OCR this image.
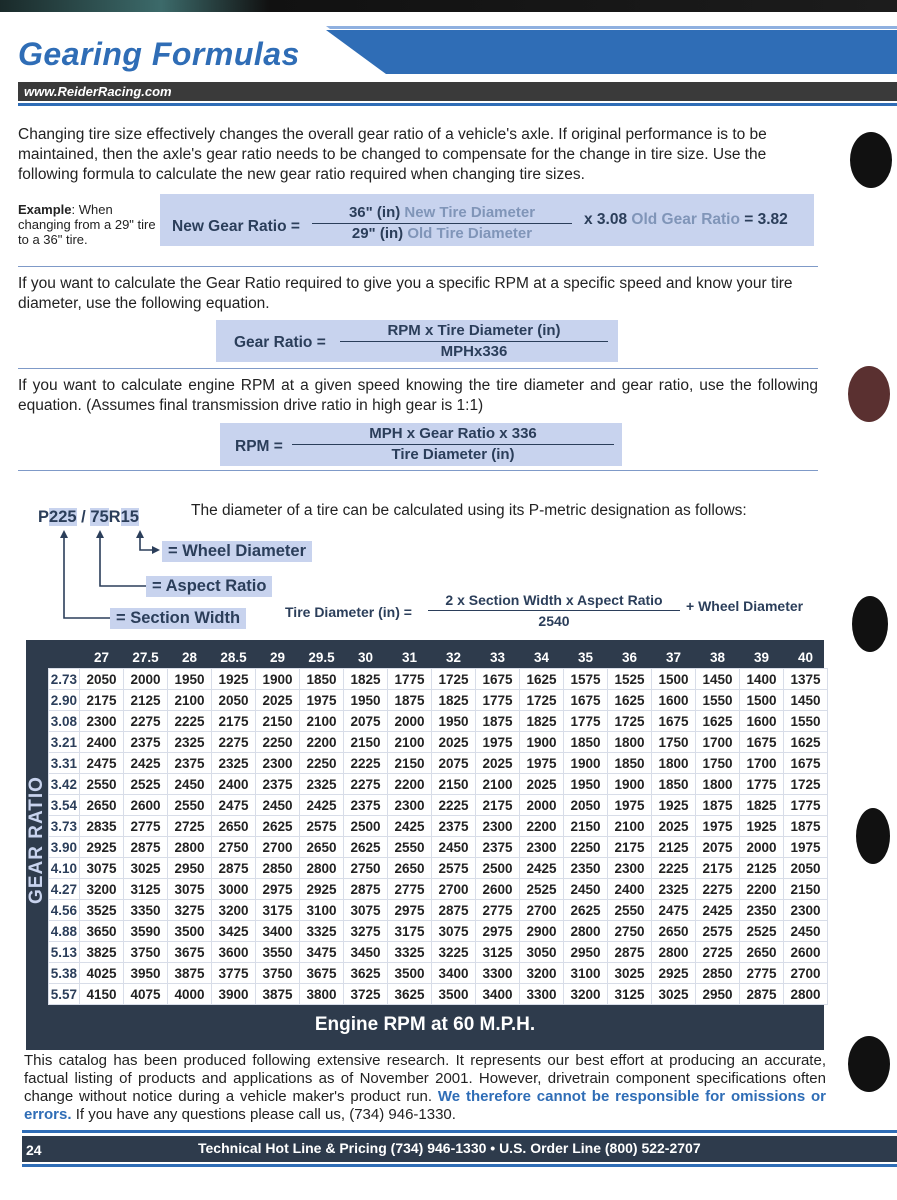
Gearing Formulas
www.ReiderRacing.com
Changing tire size effectively changes the overall gear ratio of a vehicle's axle. If original performance is to be maintained, then the axle's gear ratio needs to be changed to compensate for the change in tire size. Use the following formula to calculate the new gear ratio required when changing tire sizes.
Example: When changing from a 29" tire to a 36" tire.
New Gear Ratio =
36" (in) New Tire Diameter
29" (in) Old Tire Diameter
x 3.08 Old Gear Ratio = 3.82
If you want to calculate the Gear Ratio required to give you a specific RPM at a specific speed and know your tire diameter, use the following equation.
Gear Ratio =
RPM x Tire Diameter (in)
MPHx336
If you want to calculate engine RPM at a given speed knowing the tire diameter and gear ratio, use the following equation. (Assumes final transmission drive ratio in high gear is 1:1)
RPM =
MPH x Gear Ratio x 336
Tire Diameter (in)
P225 / 75R15	The diameter of a tire can be calculated using its P-metric designation as follows:
= Wheel Diameter
= Aspect Ratio
= Section Width	Tire Diameter (in) =
2 x Section Width x Aspect Ratio
2540
+ Wheel Diameter
GEAR RATIO
	27	27.5	28	28.5	29	29.5	30	31	32	33	34	35	36	37	38	39	40
2.73	2050	2000	1950	1925	1900	1850	1825	1775	1725	1675	1625	1575	1525	1500	1450	1400	1375
2.90	2175	2125	2100	2050	2025	1975	1950	1875	1825	1775	1725	1675	1625	1600	1550	1500	1450
3.08	2300	2275	2225	2175	2150	2100	2075	2000	1950	1875	1825	1775	1725	1675	1625	1600	1550
3.21	2400	2375	2325	2275	2250	2200	2150	2100	2025	1975	1900	1850	1800	1750	1700	1675	1625
3.31	2475	2425	2375	2325	2300	2250	2225	2150	2075	2025	1975	1900	1850	1800	1750	1700	1675
3.42	2550	2525	2450	2400	2375	2325	2275	2200	2150	2100	2025	1950	1900	1850	1800	1775	1725
3.54	2650	2600	2550	2475	2450	2425	2375	2300	2225	2175	2000	2050	1975	1925	1875	1825	1775
3.73	2835	2775	2725	2650	2625	2575	2500	2425	2375	2300	2200	2150	2100	2025	1975	1925	1875
3.90	2925	2875	2800	2750	2700	2650	2625	2550	2450	2375	2300	2250	2175	2125	2075	2000	1975
4.10	3075	3025	2950	2875	2850	2800	2750	2650	2575	2500	2425	2350	2300	2225	2175	2125	2050
4.27	3200	3125	3075	3000	2975	2925	2875	2775	2700	2600	2525	2450	2400	2325	2275	2200	2150
4.56	3525	3350	3275	3200	3175	3100	3075	2975	2875	2775	2700	2625	2550	2475	2425	2350	2300
4.88	3650	3590	3500	3425	3400	3325	3275	3175	3075	2975	2900	2800	2750	2650	2575	2525	2450
5.13	3825	3750	3675	3600	3550	3475	3450	3325	3225	3125	3050	2950	2875	2800	2725	2650	2600
5.38	4025	3950	3875	3775	3750	3675	3625	3500	3400	3300	3200	3100	3025	2925	2850	2775	2700
5.57	4150	4075	4000	3900	3875	3800	3725	3625	3500	3400	3300	3200	3125	3025	2950	2875	2800
Engine RPM at 60 M.P.H.
This catalog has been produced following extensive research. It represents our best effort at producing an accurate, factual listing of products and applications as of November 2001. However, drivetrain component specifications often change without notice during a vehicle maker's product run. We therefore cannot be responsible for omissions or errors. If you have any questions please call us, (734) 946-1330.
24	Technical Hot Line & Pricing (734) 946-1330 • U.S. Order Line (800) 522-2707
